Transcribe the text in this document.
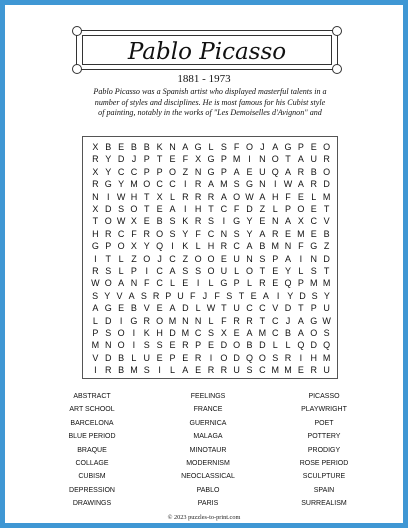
Pablo Picasso
1881 - 1973
Pablo Picasso was a Spanish artist who displayed masterful talents in a
number of styles and disciplines. He is most famous for his Cubist style
of painting, notably in the works of "Les Demoiselles d'Avignon" and
X B E B B K N A G L S F O J A G P E O
R Y D J P T E F X G P M I N O T A U R
X Y C C P P O Z N G P A E U Q A R B O
R G Y M O C C I R A M S G N I W A R D
N I W H T X L R R R A O W A H F E L M
X D S O T E A I H T C F D Z L P O E T
T O W X E B S K R S I G Y E N A X C V
H R C F R O S Y F C N S Y A R E M E B
G P O X Y Q I K L H R C A B M N F G Z
I T L Z O J C Z O O E U N S P A I N D
R S L P I C A S S O U L O T E Y L S T
W O A N F C L E I	L G P L R E Q P M M
S Y V A S R P U F J F S T E A I Y D S Y
A G E B V E A D L W T U C C V D T P U
L D I G R O M N N L F R R T C J A G W
P S O I K H D M C S X E A M C B A O S
M N O I S S E R P E D O B D L L Q D Q
V D B L U E P E R I O D Q O S R I H M
I R B M S I	L A E R R U S C M M E R U
ABSTRACT
ART SCHOOL
BARCELONA
BLUE PERIOD
BRAQUE
COLLAGE
CUBISM
DEPRESSION
DRAWINGS
FEELINGS
FRANCE
GUERNICA
MALAGA
MINOTAUR
MODERNISM
NEOCLASSICAL
PABLO
PARIS
PICASSO
PLAYWRIGHT
POET
POTTERY
PRODIGY
ROSE PERIOD
SCULPTURE
SPAIN
SURREALISM
© 2023 puzzles-to-print.com
